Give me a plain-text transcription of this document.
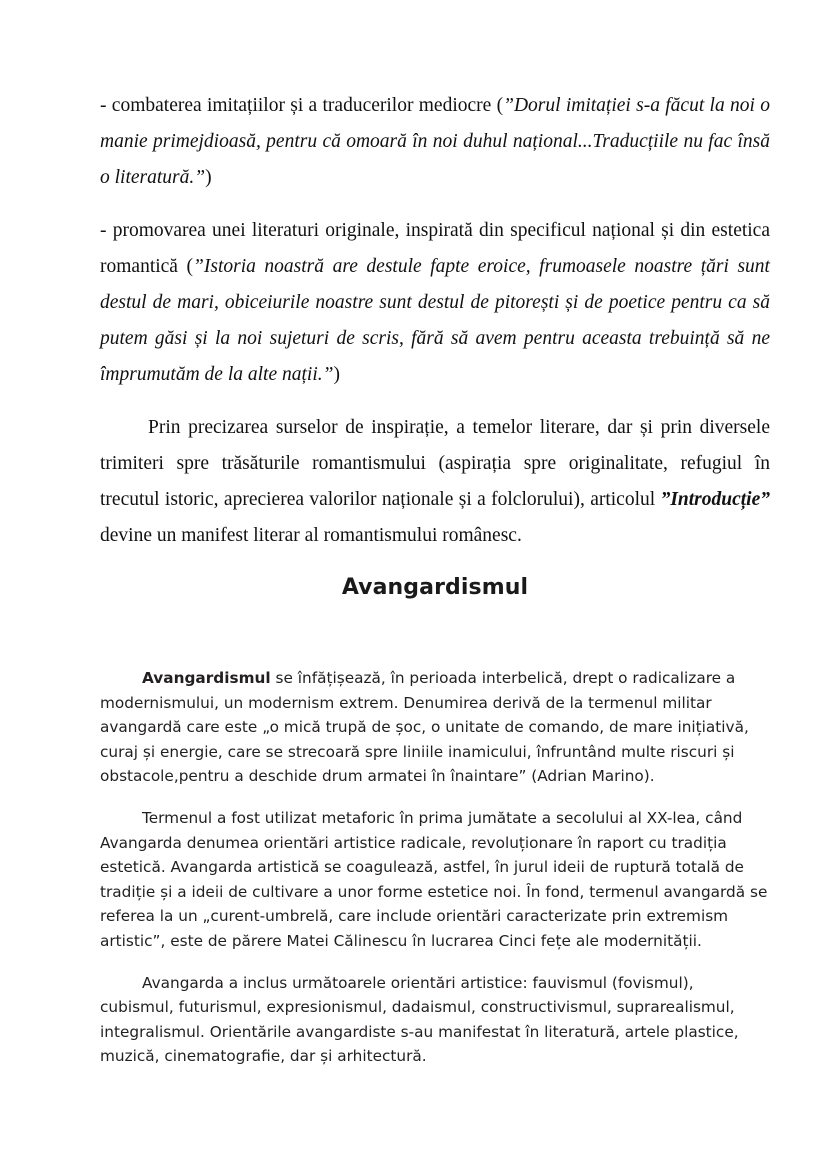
- combaterea imitațiilor și a traducerilor mediocre (”Dorul imitației s-a făcut la noi o manie primejdioasă, pentru că omoară în noi duhul național...Traducțiile nu fac însă o literatură.”)

- promovarea unei literaturi originale, inspirată din specificul național și din estetica romantică (”Istoria noastră are destule fapte eroice, frumoasele noastre țări sunt destul de mari, obiceiurile noastre sunt destul de pitorești și de poetice pentru ca să putem găsi și la noi sujeturi de scris, fără să avem pentru aceasta trebuință să ne împrumutăm de la alte nații.”)

Prin precizarea surselor de inspirație, a temelor literare, dar și prin diversele trimiteri spre trăsăturile romantismului (aspirația spre originalitate, refugiul în trecutul istoric, aprecierea valorilor naționale și a folclorului), articolul ”Introducție” devine un manifest literar al romantismului românesc.

Avangardismul

Avangardismul se înfățișează, în perioada interbelică, drept o radicalizare a modernismului, un modernism extrem. Denumirea derivă de la termenul militar avangardă care este „o mică trupă de șoc, o unitate de comando, de mare inițiativă, curaj și energie, care se strecoară spre liniile inamicului, înfruntând multe riscuri și obstacole,pentru a deschide drum armatei în înaintare” (Adrian Marino).

Termenul a fost utilizat metaforic în prima jumătate a secolului al XX-lea, când Avangarda denumea orientări artistice radicale, revoluționare în raport cu tradiția estetică. Avangarda artistică se coagulează, astfel, în jurul ideii de ruptură totală de tradiție și a ideii de cultivare a unor forme estetice noi. În fond, termenul avangardă se referea la un „curent-umbrelă, care include orientări caracterizate prin extremism artistic”, este de părere Matei Călinescu în lucrarea Cinci fețe ale modernității.

Avangarda a inclus următoarele orientări artistice: fauvismul (fovismul), cubismul, futurismul, expresionismul, dadaismul, constructivismul, suprarealismul, integralismul. Orientările avangardiste s-au manifestat în literatură, artele plastice, muzică, cinematografie, dar și arhitectură.
